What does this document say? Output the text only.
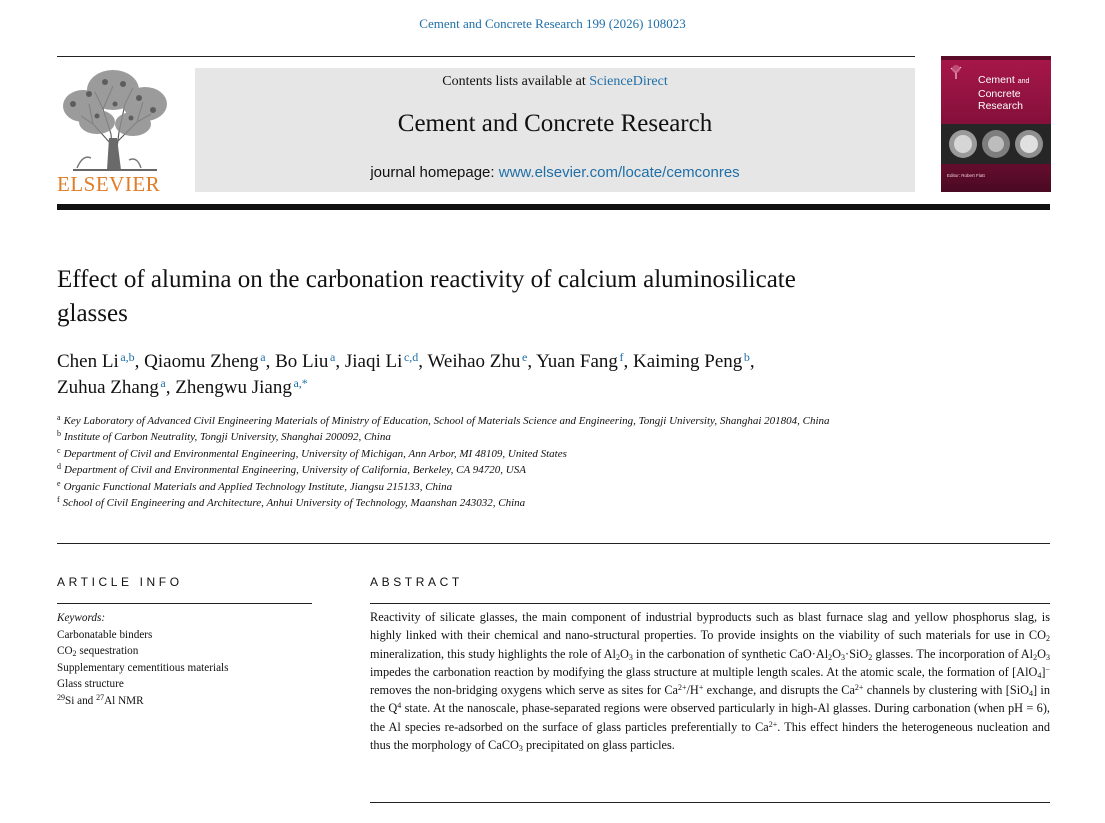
Cement and Concrete Research 199 (2026) 108023
ELSEVIER
Contents lists available at ScienceDirect
Cement and Concrete Research
journal homepage: www.elsevier.com/locate/cemconres
Cement and
Concrete
Research
Editor: Robert Flatt
Effect of alumina on the carbonation reactivity of calcium aluminosilicate glasses
Chen Li  $^{a,b}$, Qiaomu Zheng  $^a$, Bo Liu  $^a$, Jiaqi Li  $^{c,d}$, Weihao Zhu  $^e$, Yuan Fang  $^f$, Kaiming Peng  $^b$,
Zuhua Zhang  $^a$, Zhengwu Jiang  $^{a,*}$
$^a$ Key Laboratory of Advanced Civil Engineering Materials of Ministry of Education, School of Materials Science and Engineering, Tongji University, Shanghai 201804, China
$^b$ Institute of Carbon Neutrality, Tongji University, Shanghai 200092, China
$^c$ Department of Civil and Environmental Engineering, University of Michigan, Ann Arbor, MI 48109, United States
$^d$ Department of Civil and Environmental Engineering, University of California, Berkeley, CA 94720, USA
$^e$ Organic Functional Materials and Applied Technology Institute, Jiangsu 215133, China
$^f$ School of Civil Engineering and Architecture, Anhui University of Technology, Maanshan 243032, China
ARTICLE INFO
Keywords:
Carbonatable binders
$CO_2$ sequestration
Supplementary cementitious materials
Glass structure
$^{29}$Si and $^{27}$Al NMR
ABSTRACT
Reactivity of silicate glasses, the main component of industrial byproducts such as blast furnace slag and yellow phosphorus slag, is highly linked with their chemical and nano-structural properties. To provide insights on the viability of such materials for use in $CO_2$ mineralization, this study highlights the role of $Al_2O_3$ in the carbonation of synthetic $CaO\cdot Al_2O_3\cdot SiO_2$ glasses. The incorporation of $Al_2O_3$ impedes the carbonation reaction by modifying the glass structure at multiple length scales. At the atomic scale, the formation of [AlO$_4$]− removes the non-bridging oxygens which serve as sites for $Ca^{2+}/H^+$ exchange, and disrupts the $Ca^{2+}$ channels by clustering with [SiO$_4$] in the $Q^4$ state. At the nanoscale, phase-separated regions were observed particularly in high-Al glasses. During carbonation (when pH = 6), the Al species re-adsorbed on the surface of glass particles preferentially to $Ca^{2+}$. This effect hinders the heterogeneous nucleation and thus the morphology of CaCO$_3$ precipitated on glass particles.
